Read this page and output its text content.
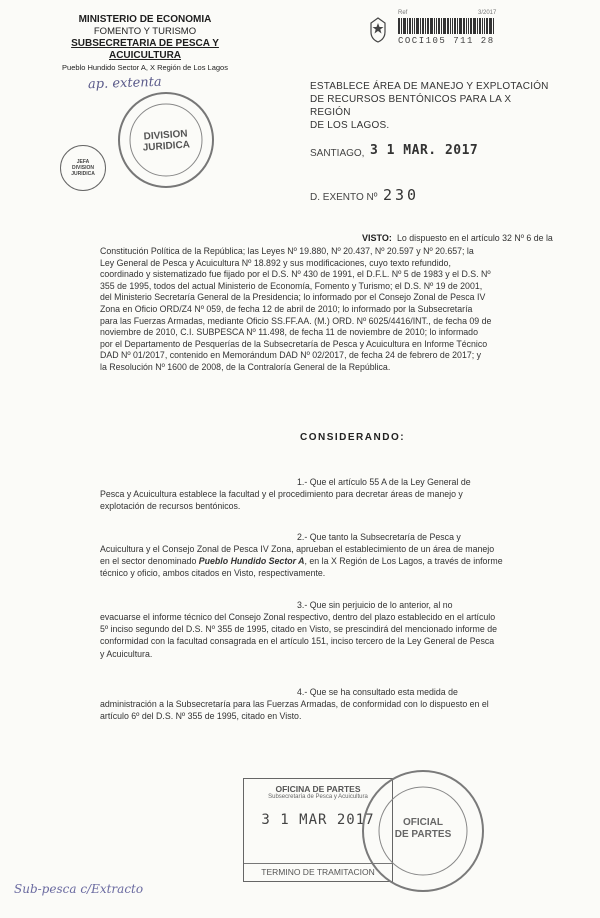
MINISTERIO DE ECONOMIA
FOMENTO Y TURISMO
SUBSECRETARIA DE PESCA Y ACUICULTURA
Pueblo Hundido Sector A, X Región de Los Lagos
ap. extenta
DIVISION JURIDICA
JEFA DIVISION JURIDICA
Ref	3/2017
COCI105 711 28
ESTABLECE ÁREA DE MANEJO Y EXPLOTACIÓN
DE RECURSOS BENTÓNICOS PARA LA X REGIÓN
DE LOS LAGOS.
SANTIAGO, 3 1 MAR. 2017
D. EXENTO Nº 230
VISTO: Lo dispuesto en el artículo 32 Nº 6 de la
Constitución Política de la República; las Leyes Nº 19.880, Nº 20.437, Nº 20.597 y Nº 20.657; la
Ley General de Pesca y Acuicultura Nº 18.892 y sus modificaciones, cuyo texto refundido,
coordinado y sistematizado fue fijado por el D.S. Nº 430 de 1991, el D.F.L. Nº 5 de 1983 y el D.S. Nº
355 de 1995, todos del actual Ministerio de Economía, Fomento y Turismo; el D.S. Nº 19 de 2001,
del Ministerio Secretaría General de la Presidencia; lo informado por el Consejo Zonal de Pesca IV
Zona en Oficio ORD/Z4 Nº 059, de fecha 12 de abril de 2010; lo informado por la Subsecretaría
para las Fuerzas Armadas, mediante Oficio SS.FF.AA. (M.) ORD. Nº 6025/4416/INT., de fecha 09 de
noviembre de 2010, C.I. SUBPESCA Nº 11.498, de fecha 11 de noviembre de 2010; lo informado
por el Departamento de Pesquerías de la Subsecretaría de Pesca y Acuicultura en Informe Técnico
DAD Nº 01/2017, contenido en Memorándum DAD Nº 02/2017, de fecha 24 de febrero de 2017; y
la Resolución Nº 1600 de 2008, de la Contraloría General de la República.
CONSIDERANDO:
1.- Que el artículo 55 A de la Ley General de
Pesca y Acuicultura establece la facultad y el procedimiento para decretar áreas de manejo y
explotación de recursos bentónicos.
2.- Que tanto la Subsecretaría de Pesca y
Acuicultura y el Consejo Zonal de Pesca IV Zona, aprueban el establecimiento de un área de manejo
en el sector denominado Pueblo Hundido Sector A, en la X Región de Los Lagos, a través de informe
técnico y oficio, ambos citados en Visto, respectivamente.
3.- Que sin perjuicio de lo anterior, al no
evacuarse el informe técnico del Consejo Zonal respectivo, dentro del plazo establecido en el artículo
5º inciso segundo del D.S. Nº 355 de 1995, citado en Visto, se prescindirá del mencionado informe de
conformidad con la facultad consagrada en el artículo 151, inciso tercero de la Ley General de Pesca
y Acuicultura.
4.- Que se ha consultado esta medida de
administración a la Subsecretaría para las Fuerzas Armadas, de conformidad con lo dispuesto en el
artículo 6º del D.S. Nº 355 de 1995, citado en Visto.
OFICINA DE PARTES
Subsecretaría de Pesca y Acuicultura
3 1 MAR 2017
TERMINO DE TRAMITACION
OFICIAL
DE PARTES
Sub-pesca c/Extracto
